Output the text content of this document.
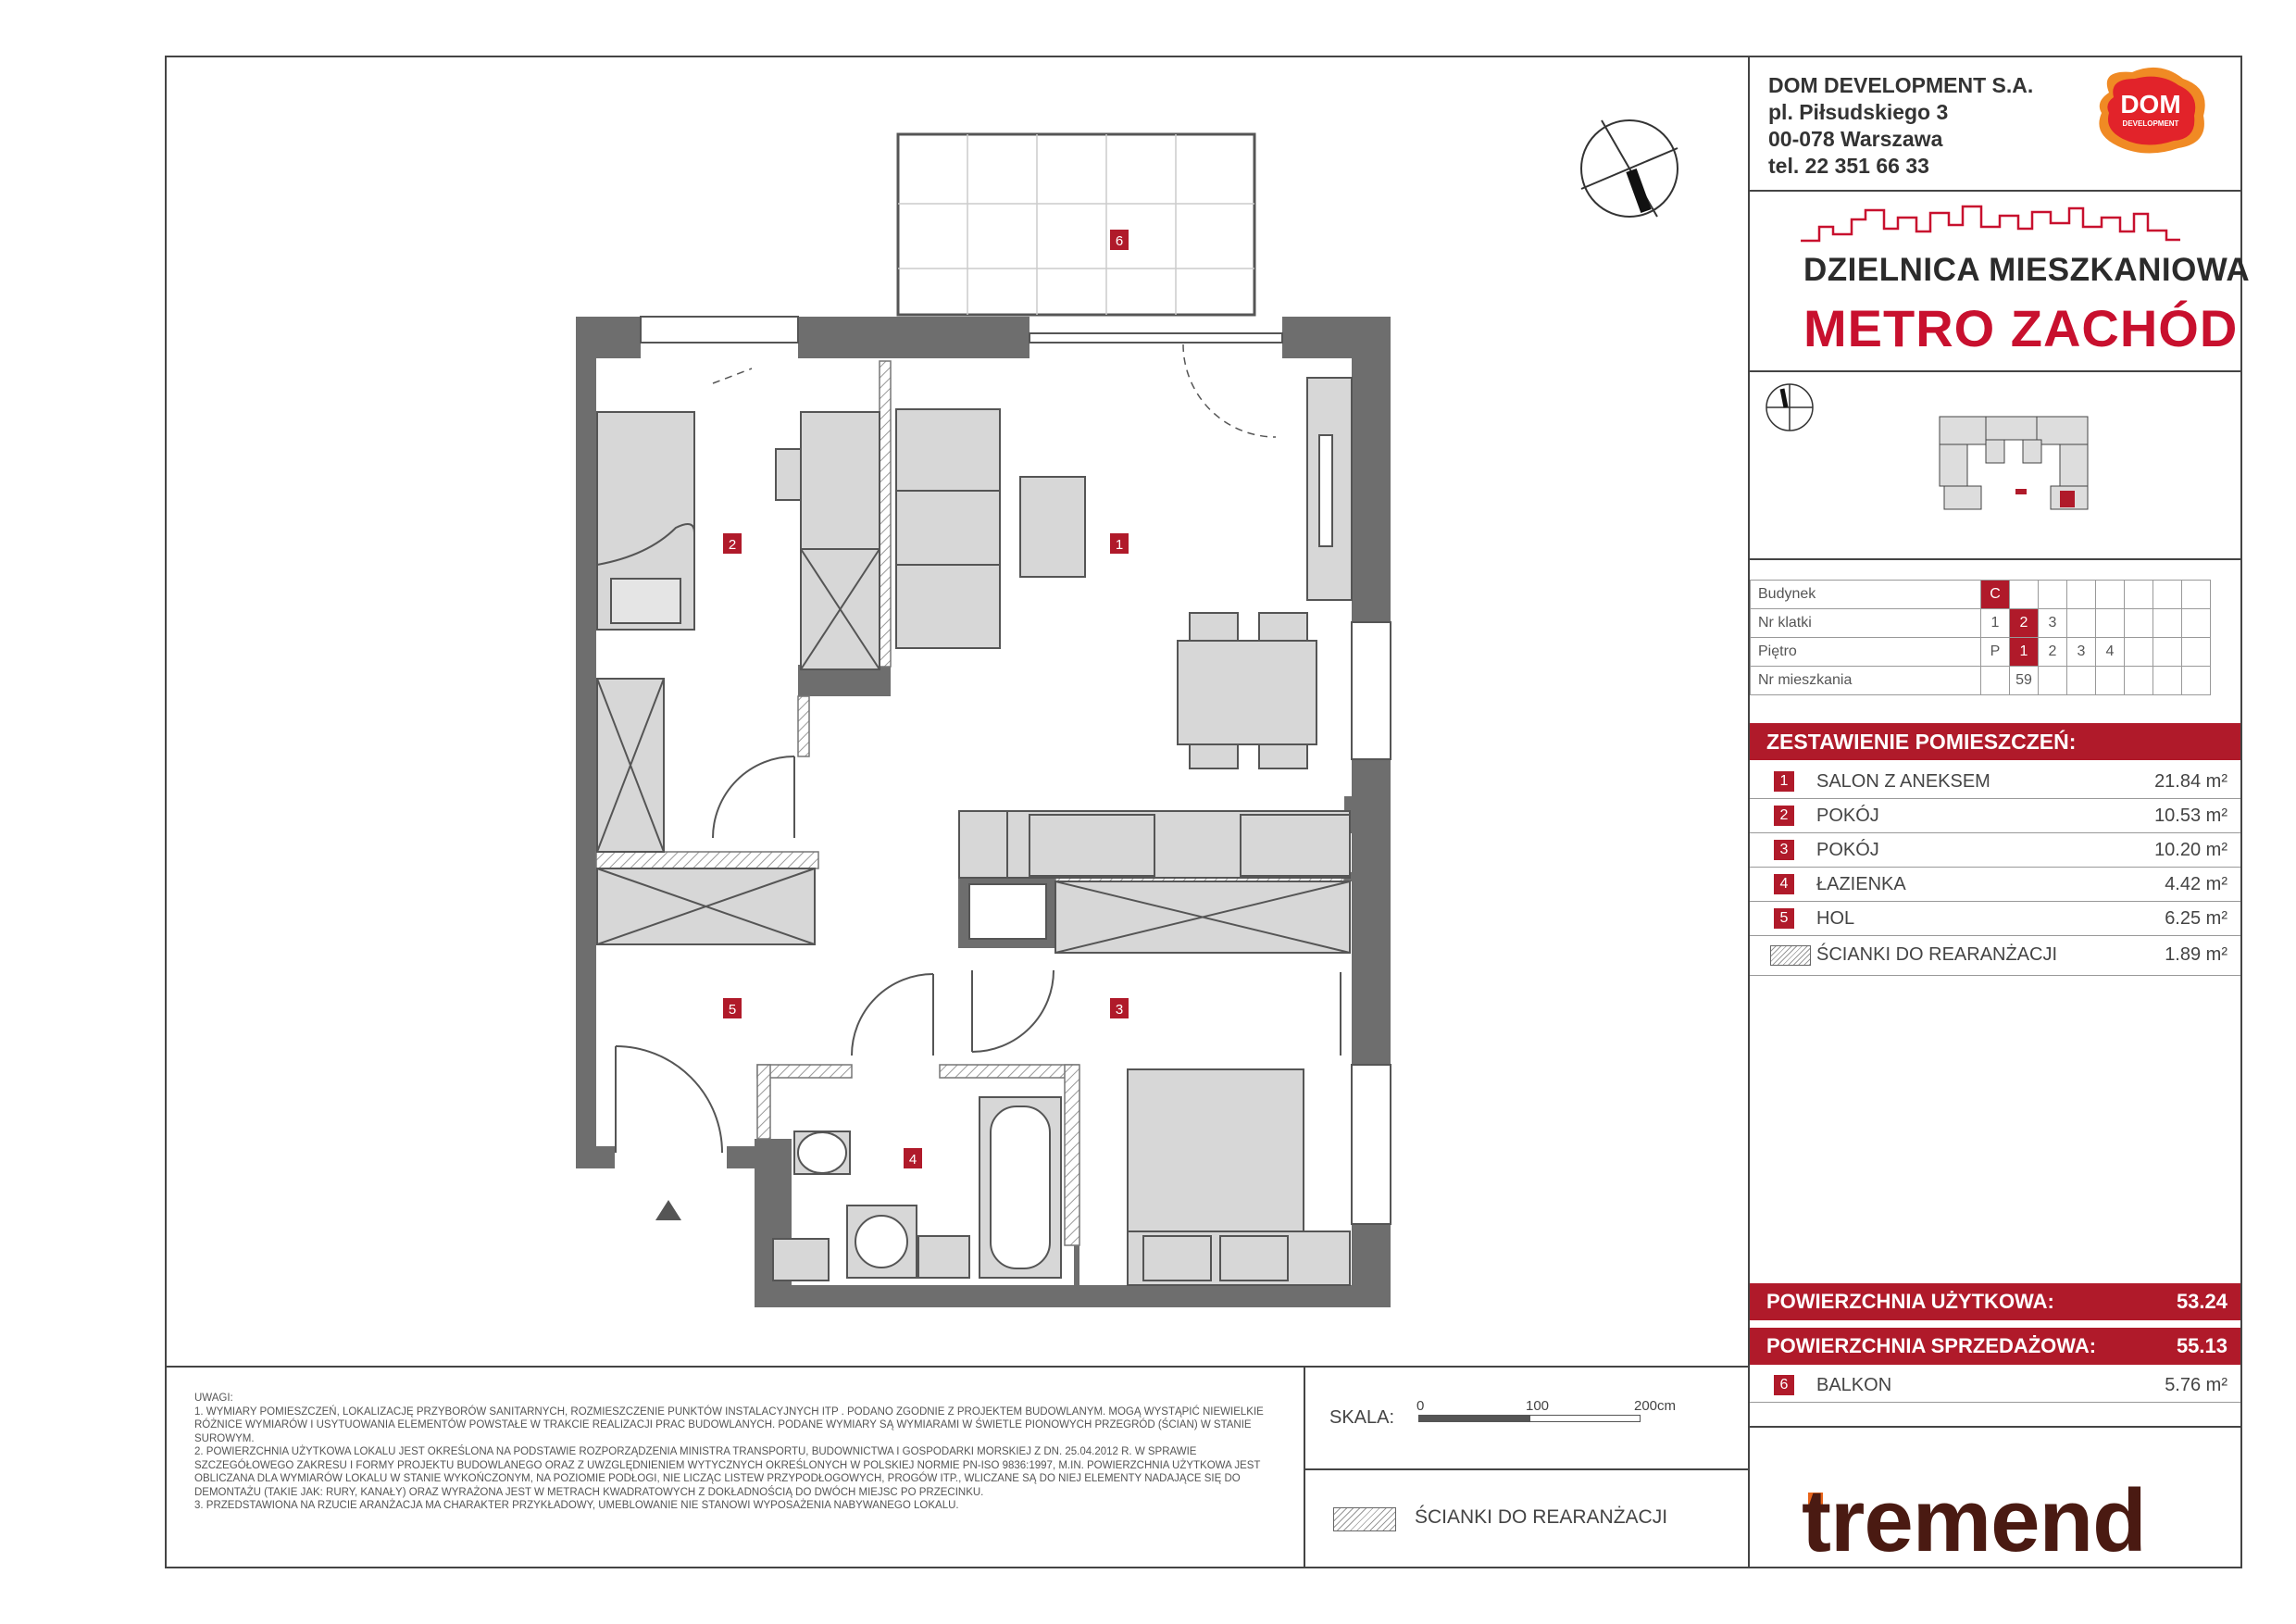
DOM DEVELOPMENT S.A.
pl. Piłsudskiego 3
00-078 Warszawa
tel. 22 351 66 33
DOM
DEVELOPMENT
DZIELNICA MIESZKANIOWA
METRO ZACHÓD
Budynek	C							
Nr klatki	1	2	3					
Piętro	P	1	2	3	4			
Nr mieszkania		59						
ZESTAWIENIE POMIESZCZEŃ:
1	SALON Z ANEKSEM	21.84 m²
2	POKÓJ	10.53 m²
3	POKÓJ	10.20 m²
4	ŁAZIENKA	4.42 m²
5	HOL	6.25 m²
ŚCIANKI DO REARANŻACJI	1.89 m²
POWIERZCHNIA UŻYTKOWA:	53.24
POWIERZCHNIA SPRZEDAŻOWA:	55.13
6	BALKON	5.76 m²

UWAGI:

1. WYMIARY POMIESZCZEŃ, LOKALIZACJĘ PRZYBORÓW SANITARNYCH, ROZMIESZCZENIE PUNKTÓW INSTALACYJNYCH ITP . PODANO ZGODNIE Z PROJEKTEM BUDOWLANYM. MOGĄ WYSTĄPIĆ NIEWIELKIE RÓŻNICE WYMIARÓW I USYTUOWANIA ELEMENTÓW POWSTAŁE W TRAKCIE REALIZACJI PRAC BUDOWLANYCH. PODANE WYMIARY SĄ WYMIARAMI W ŚWIETLE PIONOWYCH PRZEGRÓD (ŚCIAN) W STANIE SUROWYM.

2. POWIERZCHNIA UŻYTKOWA LOKALU JEST OKREŚLONA NA PODSTAWIE ROZPORZĄDZENIA MINISTRA TRANSPORTU, BUDOWNICTWA I GOSPODARKI MORSKIEJ Z DN. 25.04.2012 R. W SPRAWIE SZCZEGÓŁOWEGO ZAKRESU I FORMY PROJEKTU BUDOWLANEGO ORAZ Z UWZGLĘDNIENIEM WYTYCZNYCH OKREŚLONYCH W POLSKIEJ NORMIE PN-ISO 9836:1997, M.IN. POWIERZCHNIA UŻYTKOWA JEST OBLICZANA DLA WYMIARÓW LOKALU W STANIE WYKOŃCZONYM, NA POZIOMIE PODŁOGI, NIE LICZĄC LISTEW PRZYPODŁOGOWYCH, PROGÓW ITP., WLICZANE SĄ DO NIEJ ELEMENTY NADAJĄCE SIĘ DO DEMONTAŻU (TAKIE JAK: RURY, KANAŁY) ORAZ WYRAŻONA JEST W METRACH KWADRATOWYCH Z DOKŁADNOŚCIĄ DO DWÓCH MIEJSC PO PRZECINKU.

3. PRZEDSTAWIONA NA RZUCIE ARANŻACJA MA CHARAKTER PRZYKŁADOWY, UMEBLOWANIE NIE STANOWI WYPOSAŻENIA NABYWANEGO LOKALU.

SKALA:
0	100	200cm
ŚCIANKI DO REARANŻACJI tremend
6
1
2
3
4
5
